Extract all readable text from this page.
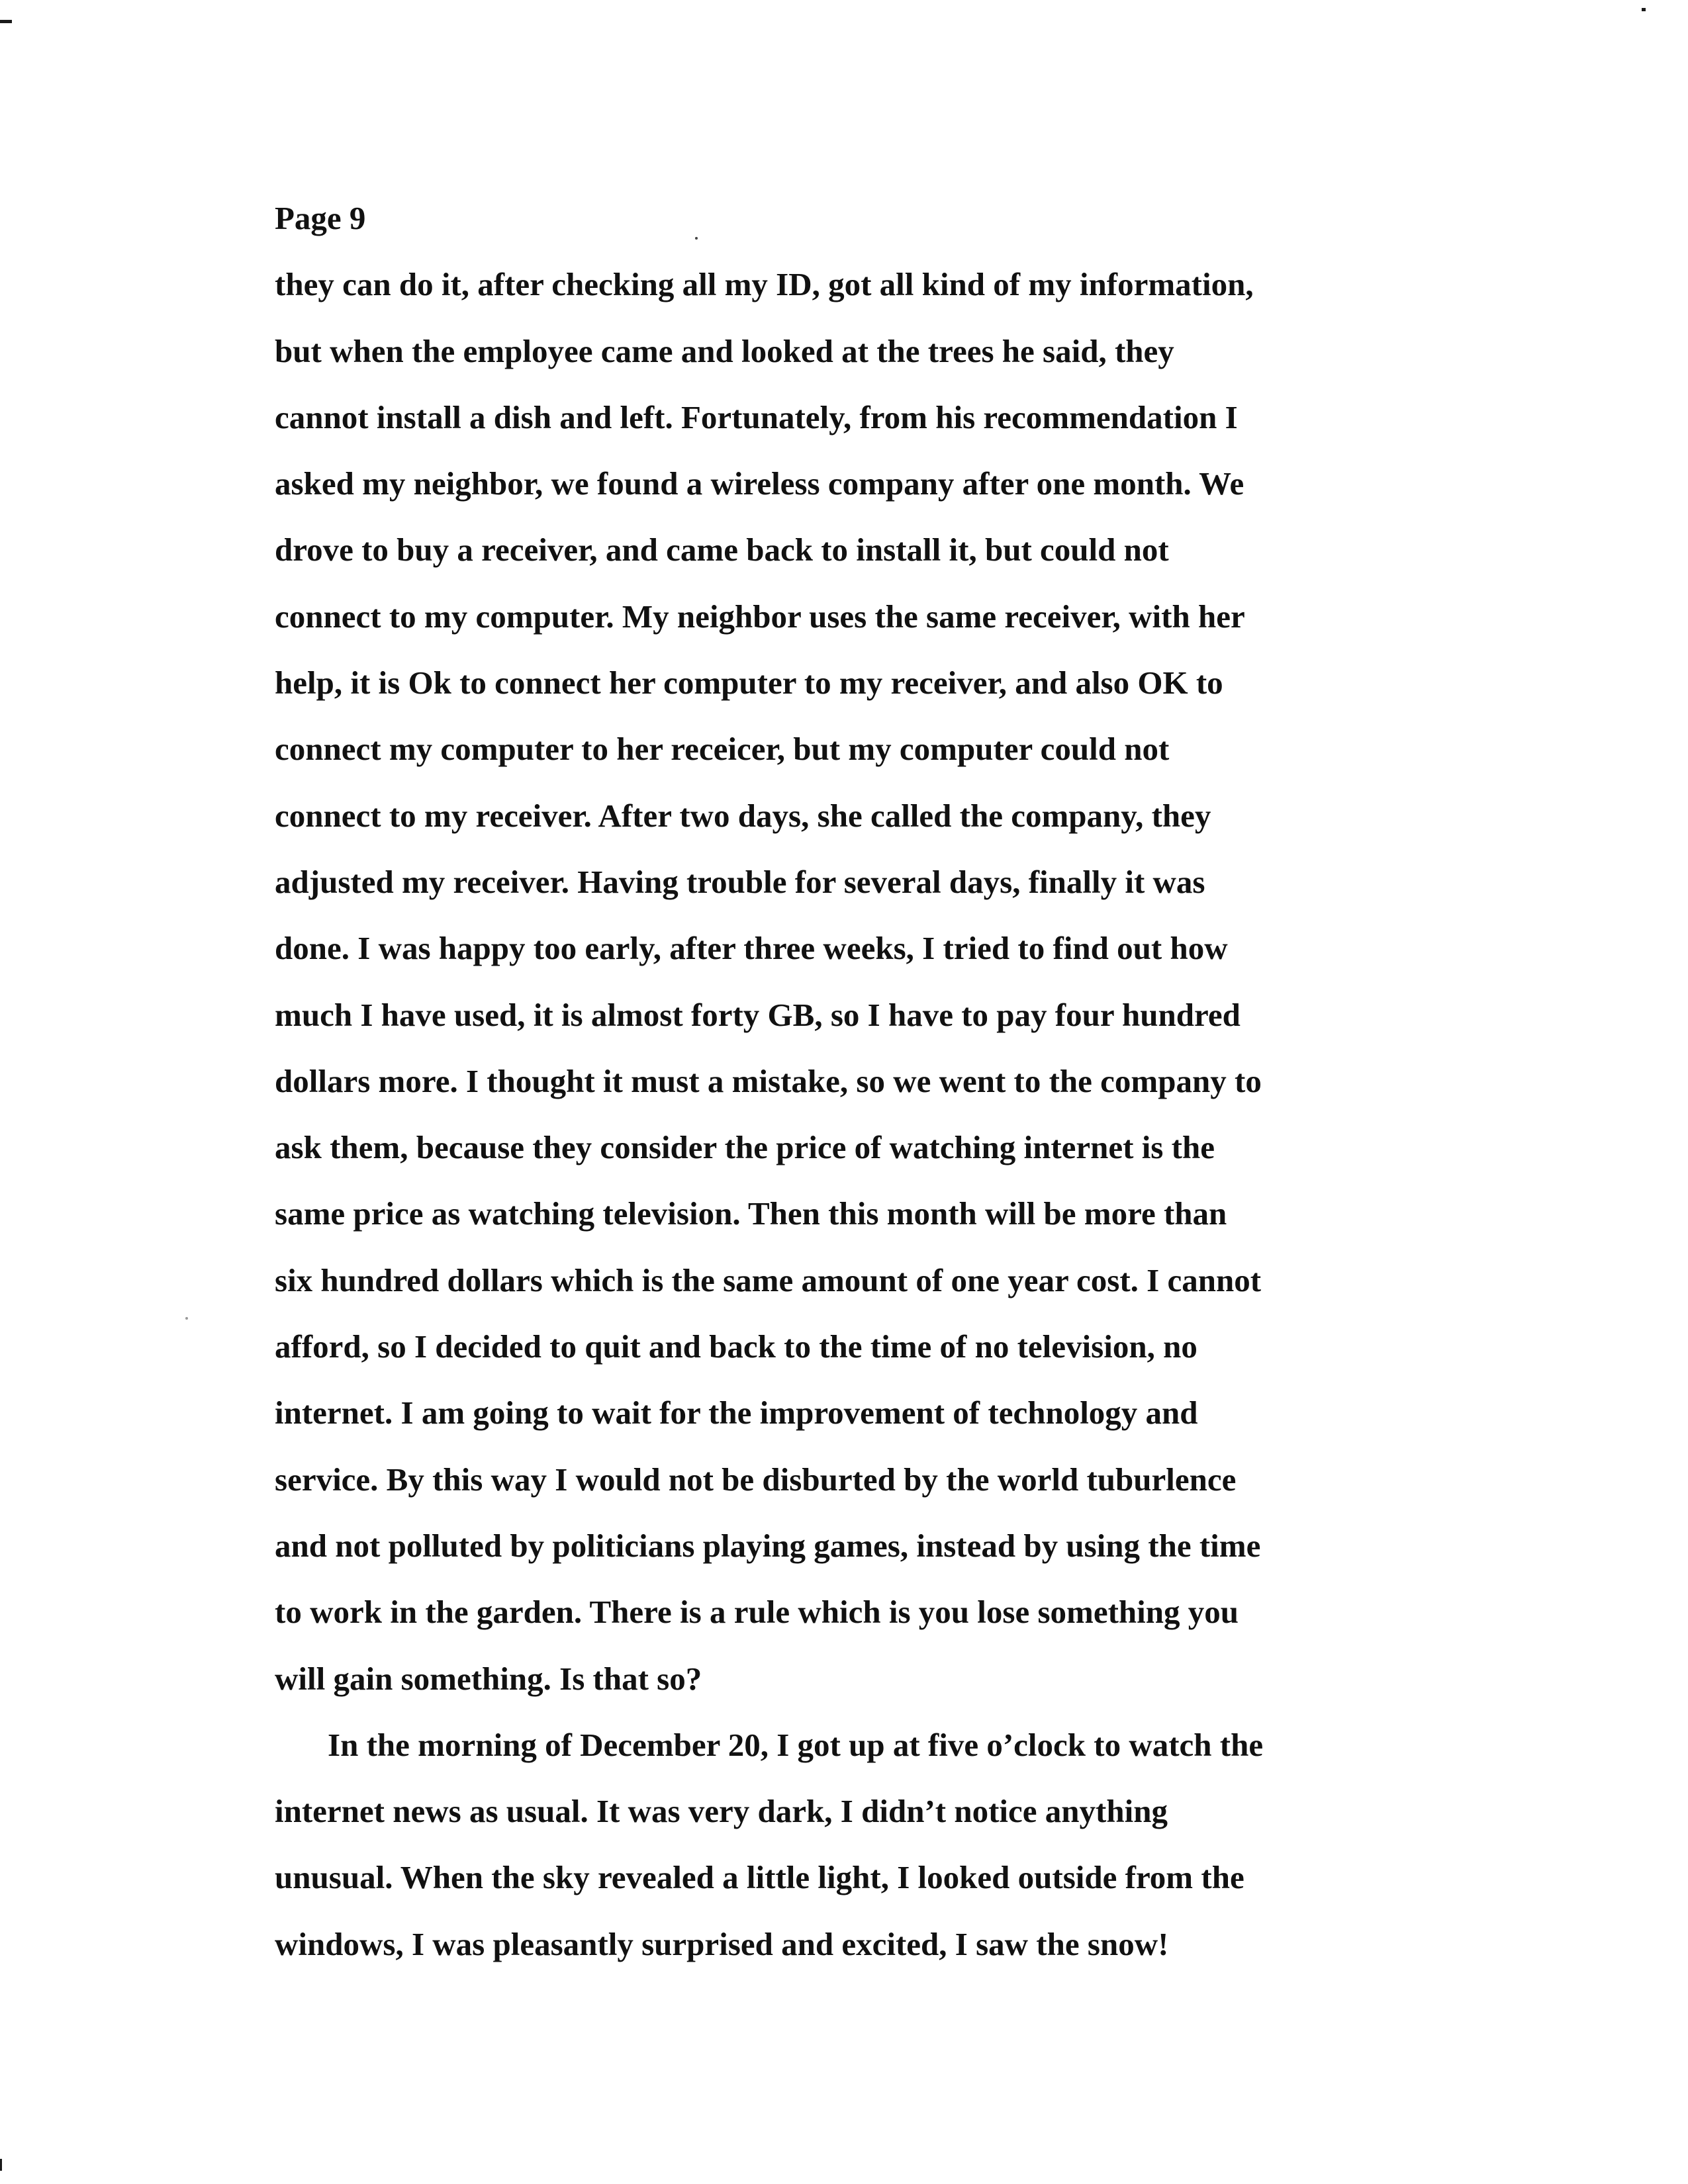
Page 9
they can do it, after checking all my ID, got all kind of my information,
but when the employee came and looked at the trees he said, they
cannot install a dish and left. Fortunately, from his recommendation I
asked my neighbor, we found a wireless company after one month. We
drove to buy a receiver, and came back to install it, but could not
connect to my computer. My neighbor uses the same receiver, with her
help, it is Ok to connect her computer to my receiver, and also OK to
connect my computer to her receicer, but my computer could not
connect to my receiver. After two days, she called the company, they
adjusted my receiver. Having trouble for several days, finally it was
done. I was happy too early, after three weeks, I tried to find out how
much I have used, it is almost forty GB, so I have to pay four hundred
dollars more. I thought it must a mistake, so we went to the company to
ask them, because they consider the price of watching internet is the
same price as watching television. Then this month will be more than
six hundred dollars which is the same amount of one year cost. I cannot
afford, so I decided to quit and back to the time of no television, no
internet. I am going to wait for the improvement of technology and
service. By this way I would not be disburted by the world tuburlence
and not polluted by politicians playing games, instead by using the time
to work in the garden. There is a rule which is you lose something you
will gain something. Is that so?
In the morning of December 20, I got up at five o’clock to watch the
internet news as usual. It was very dark, I didn’t notice anything
unusual. When the sky revealed a little light, I looked outside from the
windows, I was pleasantly surprised and excited, I saw the snow!
